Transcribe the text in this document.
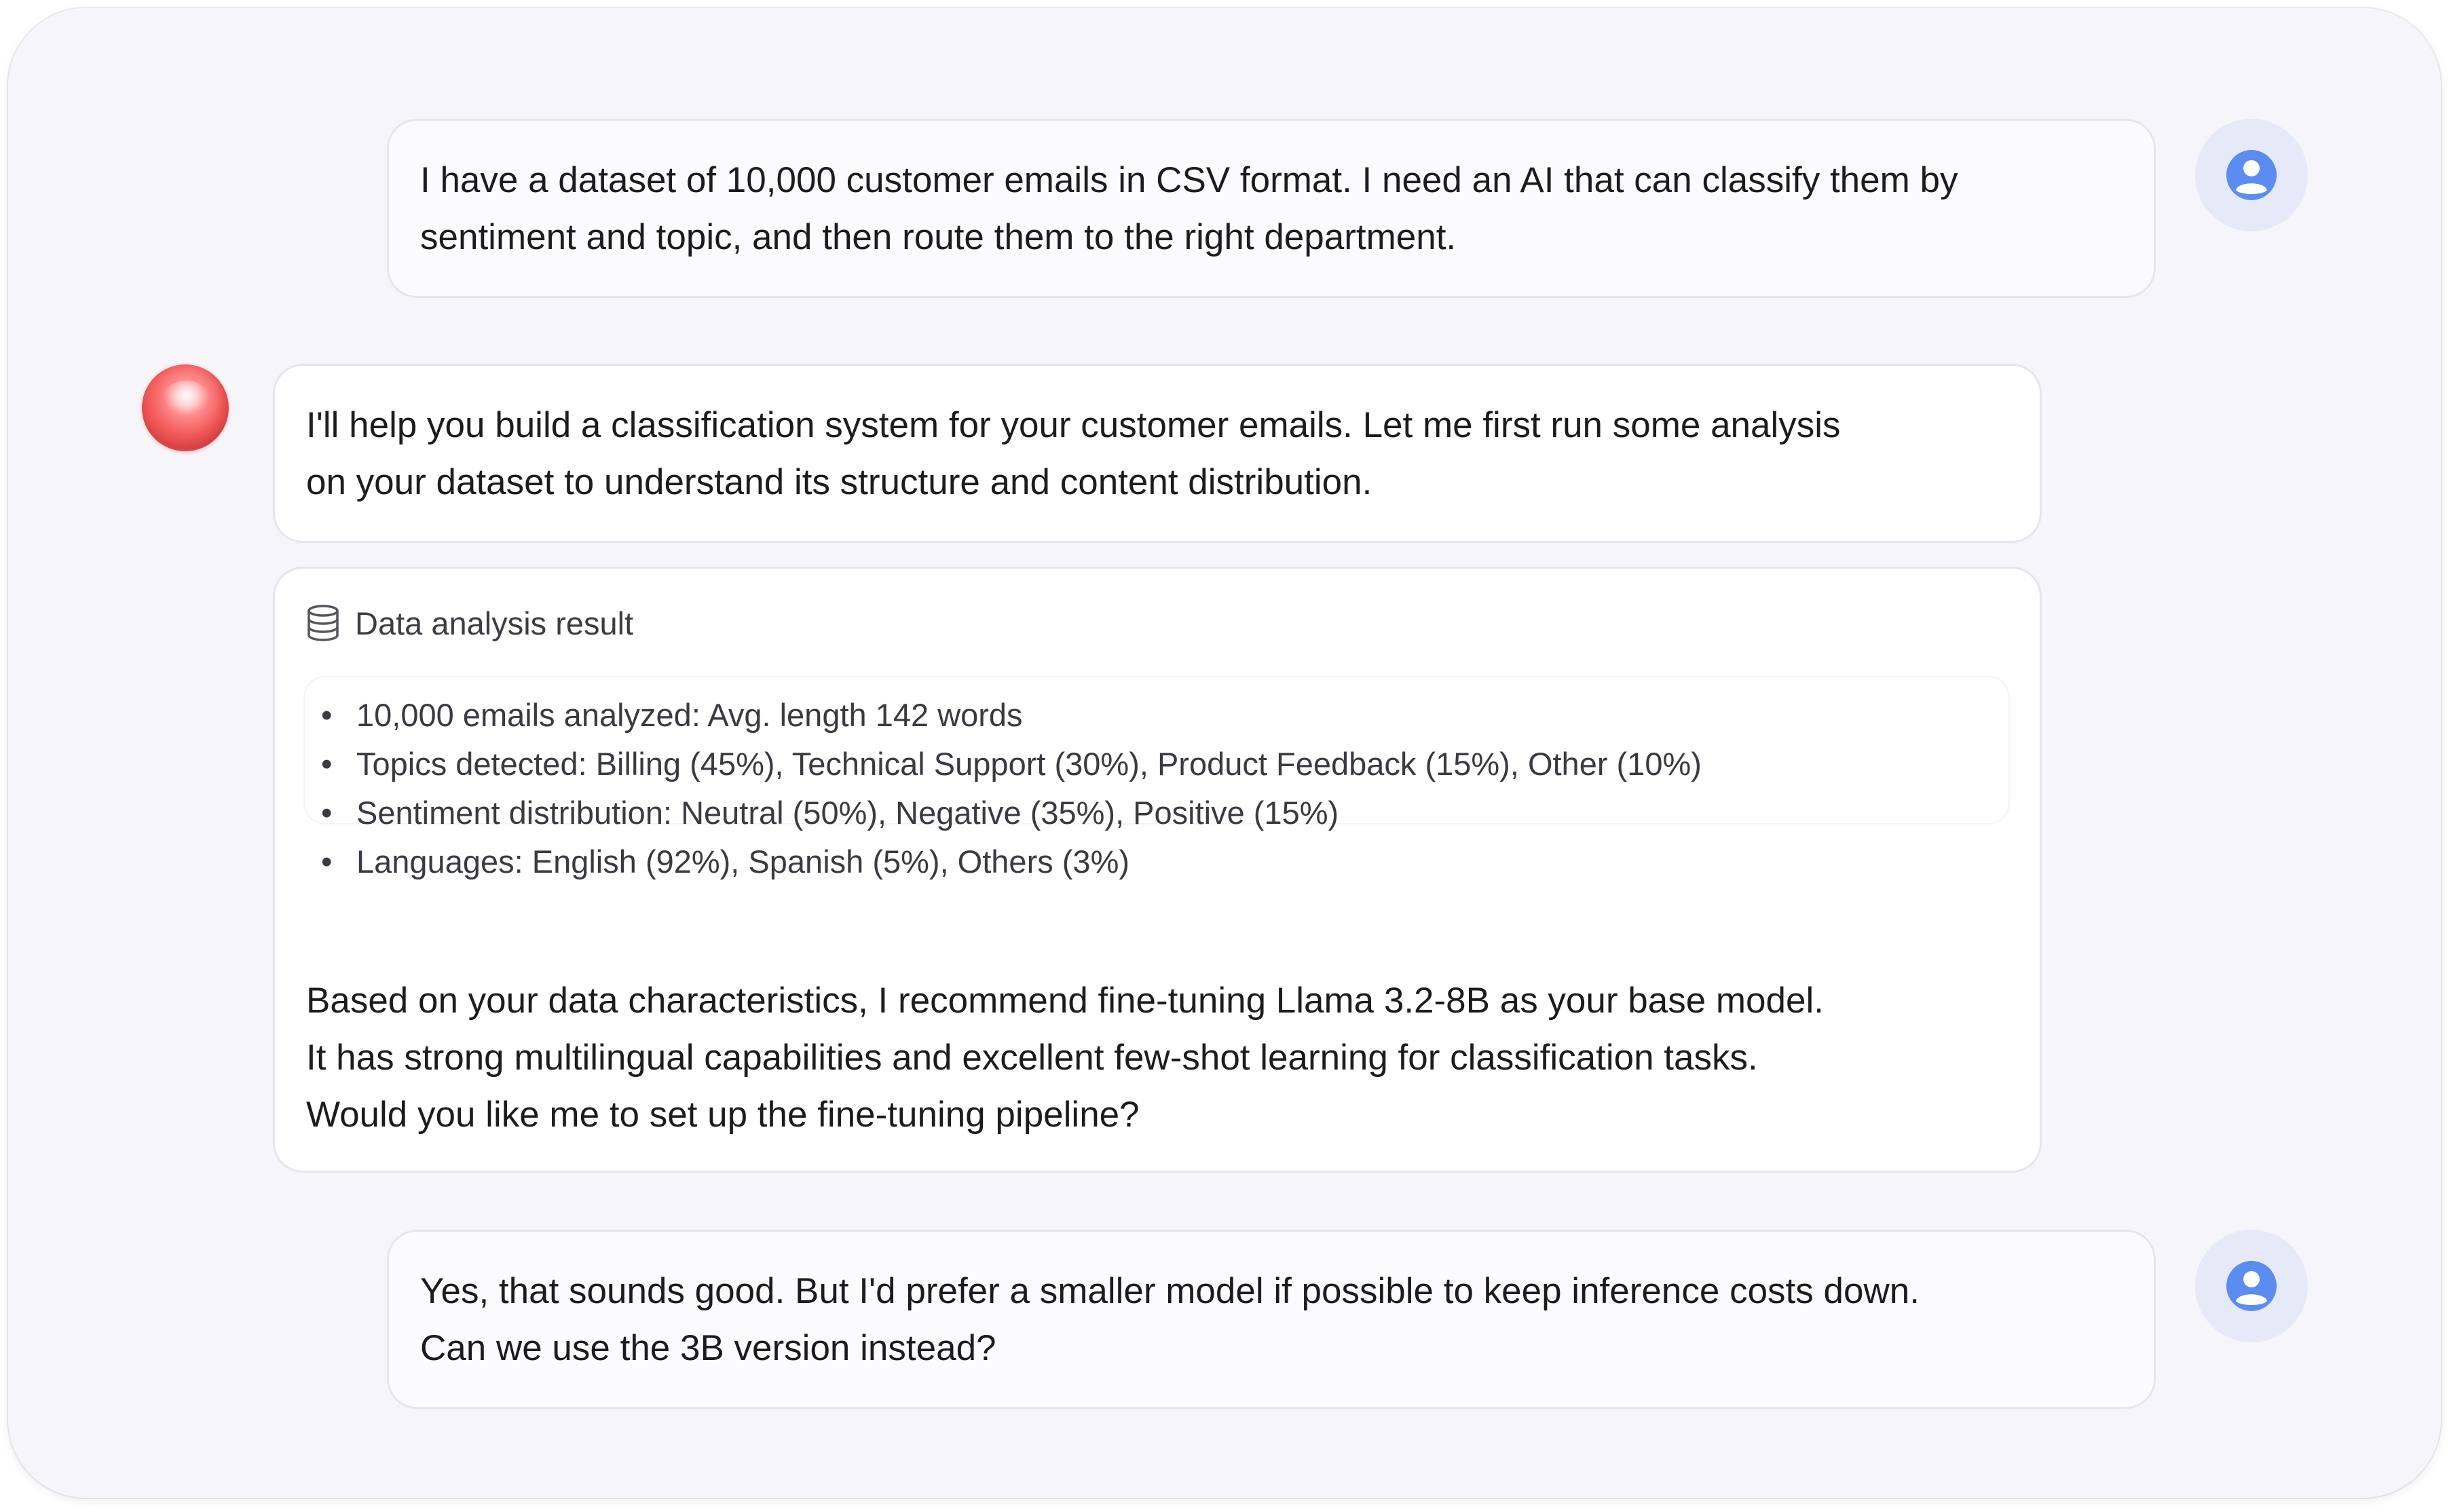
I have a dataset of 10,000 customer emails in CSV format. I need an AI that can classify them by

sentiment and topic, and then route them to the right department.

I'll help you build a classification system for your customer emails. Let me first run some analysis

on your dataset to understand its structure and content distribution.

Data analysis result
• 10,000 emails analyzed: Avg. length 142 words
• Topics detected: Billing (45%), Technical Support (30%), Product Feedback (15%), Other (10%)
• Sentiment distribution: Neutral (50%), Negative (35%), Positive (15%)
• Languages: English (92%), Spanish (5%), Others (3%)

Based on your data characteristics, I recommend fine-tuning Llama 3.2-8B as your base model.

It has strong multilingual capabilities and excellent few-shot learning for classification tasks.

Would you like me to set up the fine-tuning pipeline?

Yes, that sounds good. But I'd prefer a smaller model if possible to keep inference costs down.

Can we use the 3B version instead?
